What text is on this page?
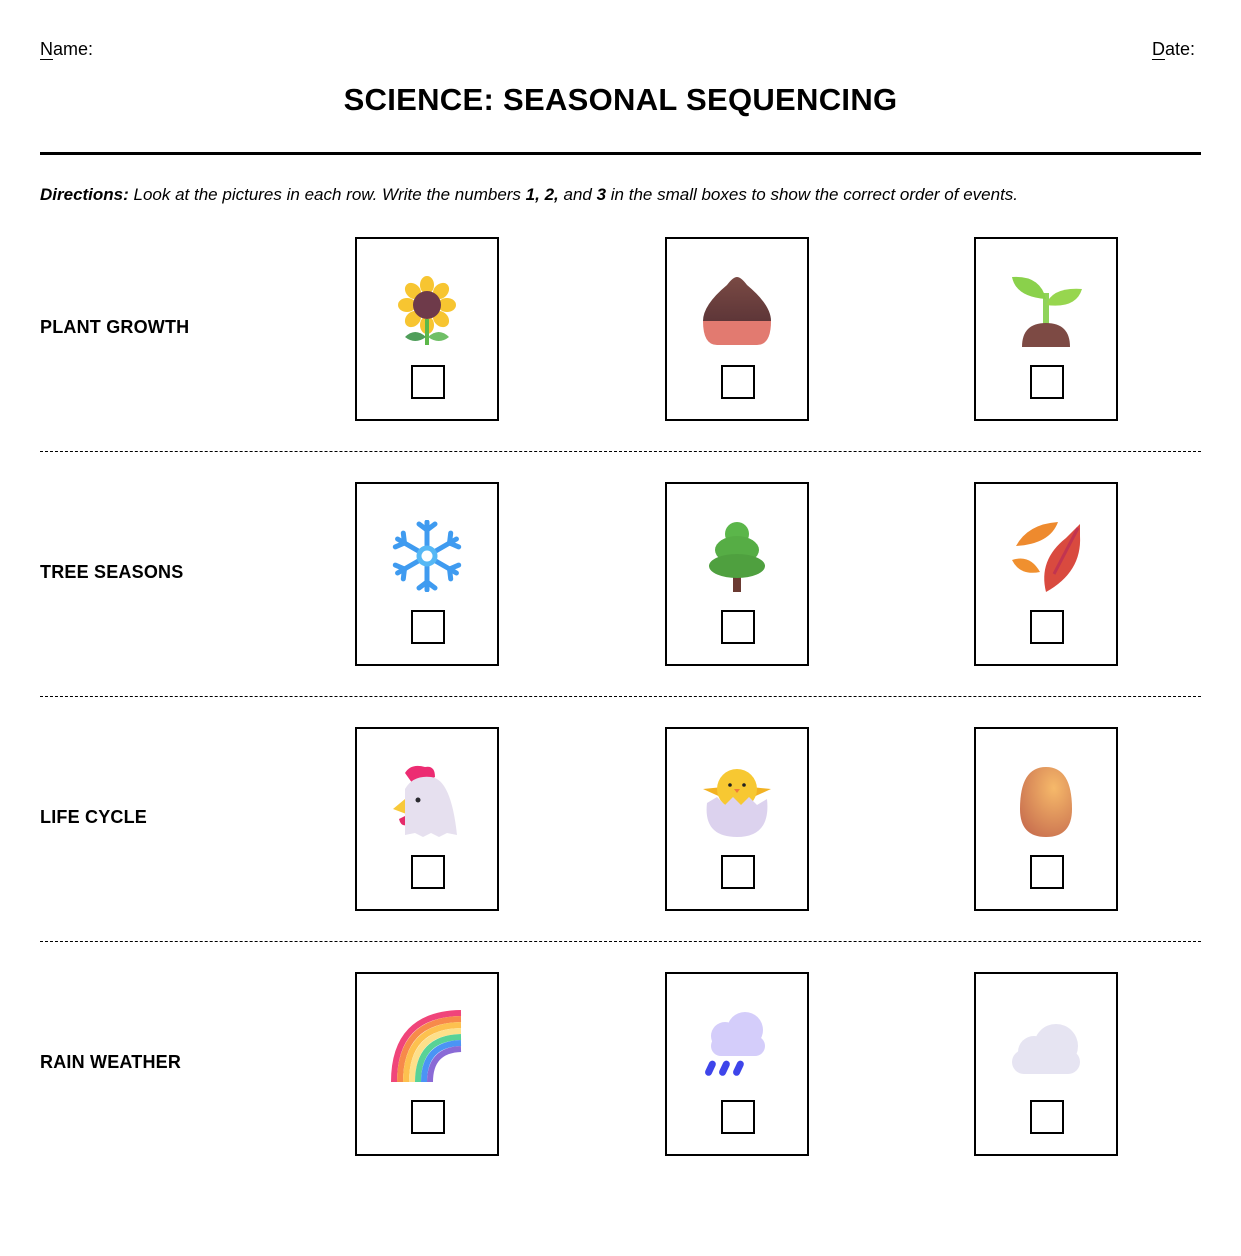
Name:	Date:
SCIENCE: SEASONAL SEQUENCING
Directions: Look at the pictures in each row. Write the numbers 1, 2, and 3 in the small boxes to show the correct order of events.
PLANT GROWTH
TREE SEASONS
LIFE CYCLE
RAIN WEATHER
